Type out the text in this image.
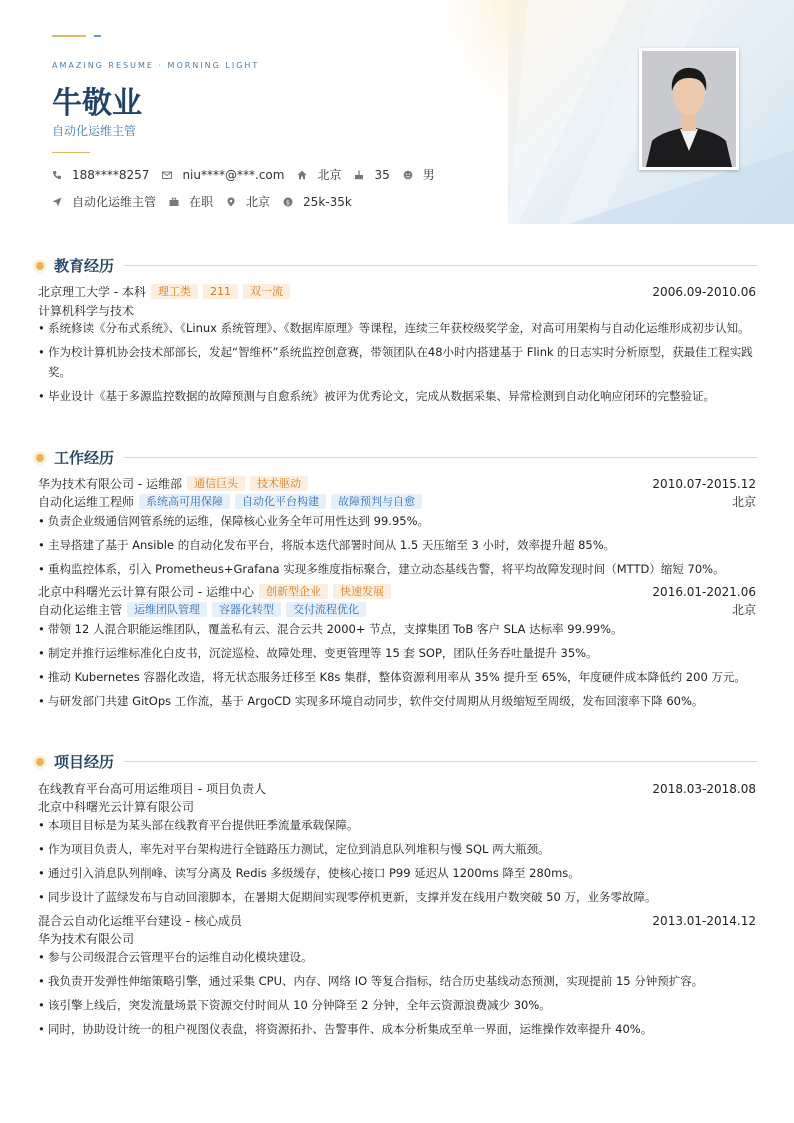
AMAZING RESUME · MORNING LIGHT
牛敬业
自动化运维主管
188****8257	niu****@***.com	北京	35	男
自动化运维主管	在职	北京 $ 25k-35k
教育经历
北京理工大学 - 本科	理工类	211	双一流	2006.09-2010.06
计算机科学与技术
• 系统修读《分布式系统》、《Linux 系统管理》、《数据库原理》等课程，连续三年获校级奖学金，对高可用架构与自动化运维形成初步认知。
• 作为校计算机协会技术部部长，发起“智维杯”系统监控创意赛，带领团队在48小时内搭建基于 Flink 的日志实时分析原型，获最佳工程实践奖。
• 毕业设计《基于多源监控数据的故障预测与自愈系统》被评为优秀论文，完成从数据采集、异常检测到自动化响应闭环的完整验证。
工作经历
华为技术有限公司 - 运维部	通信巨头	技术驱动	2010.07-2015.12
自动化运维工程师	系统高可用保障	自动化平台构建	故障预判与自愈	北京
• 负责企业级通信网管系统的运维，保障核心业务全年可用性达到 99.95%。
• 主导搭建了基于 Ansible 的自动化发布平台，将版本迭代部署时间从 1.5 天压缩至 3 小时，效率提升超 85%。
• 重构监控体系，引入 Prometheus+Grafana 实现多维度指标聚合，建立动态基线告警，将平均故障发现时间（MTTD）缩短 70%。
北京中科曙光云计算有限公司 - 运维中心	创新型企业	快速发展	2016.01-2021.06
自动化运维主管	运维团队管理	容器化转型	交付流程优化	北京
• 带领 12 人混合职能运维团队，覆盖私有云、混合云共 2000+ 节点，支撑集团 ToB 客户 SLA 达标率 99.99%。
• 制定并推行运维标准化白皮书，沉淀巡检、故障处理、变更管理等 15 套 SOP，团队任务吞吐量提升 35%。
• 推动 Kubernetes 容器化改造，将无状态服务迁移至 K8s 集群，整体资源利用率从 35% 提升至 65%，年度硬件成本降低约 200 万元。
• 与研发部门共建 GitOps 工作流，基于 ArgoCD 实现多环境自动同步，软件交付周期从月级缩短至周级，发布回滚率下降 60%。
项目经历
在线教育平台高可用运维项目 - 项目负责人	2018.03-2018.08
北京中科曙光云计算有限公司
• 本项目目标是为某头部在线教育平台提供旺季流量承载保障。
• 作为项目负责人，率先对平台架构进行全链路压力测试，定位到消息队列堆积与慢 SQL 两大瓶颈。
• 通过引入消息队列削峰、读写分离及 Redis 多级缓存，使核心接口 P99 延迟从 1200ms 降至 280ms。
• 同步设计了蓝绿发布与自动回滚脚本，在暑期大促期间实现零停机更新，支撑并发在线用户数突破 50 万，业务零故障。
混合云自动化运维平台建设 - 核心成员	2013.01-2014.12
华为技术有限公司
• 参与公司级混合云管理平台的运维自动化模块建设。
• 我负责开发弹性伸缩策略引擎，通过采集 CPU、内存、网络 IO 等复合指标，结合历史基线动态预测，实现提前 15 分钟预扩容。
• 该引擎上线后，突发流量场景下资源交付时间从 10 分钟降至 2 分钟，全年云资源浪费减少 30%。
• 同时，协助设计统一的租户视图仪表盘，将资源拓扑、告警事件、成本分析集成至单一界面，运维操作效率提升 40%。
